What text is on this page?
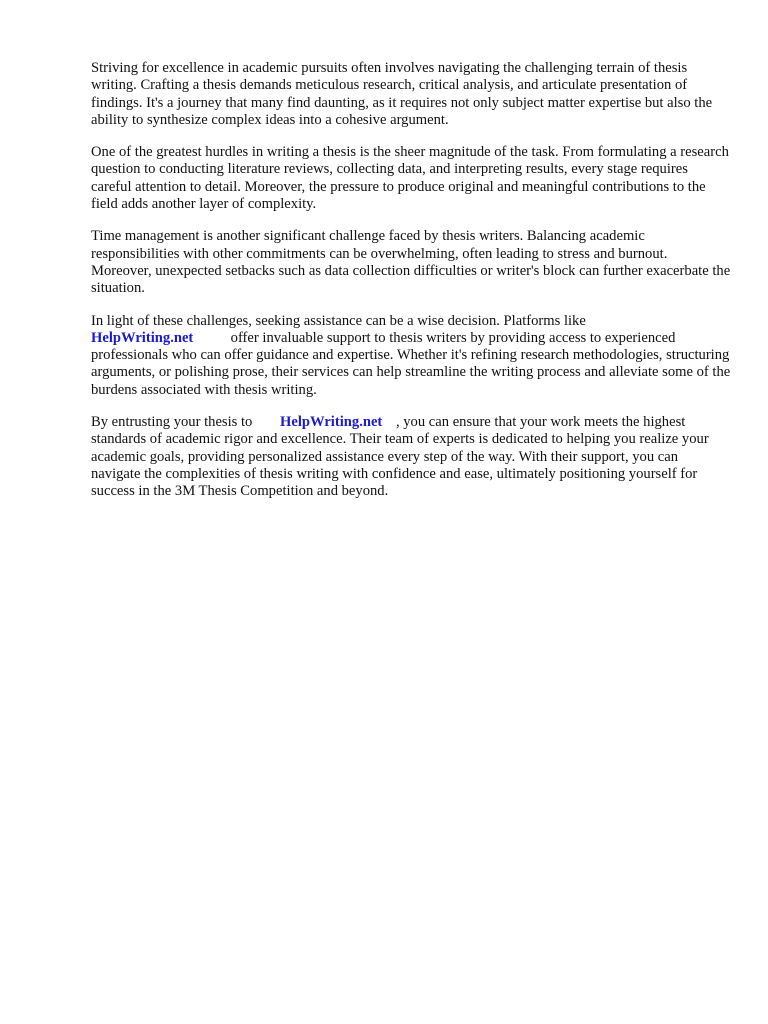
Striving for excellence in academic pursuits often involves navigating the challenging terrain of thesis writing. Crafting a thesis demands meticulous research, critical analysis, and articulate presentation of findings. It's a journey that many find daunting, as it requires not only subject matter expertise but also the ability to synthesize complex ideas into a cohesive argument.

One of the greatest hurdles in writing a thesis is the sheer magnitude of the task. From formulating a research question to conducting literature reviews, collecting data, and interpreting results, every stage requires careful attention to detail. Moreover, the pressure to produce original and meaningful contributions to the field adds another layer of complexity.

Time management is another significant challenge faced by thesis writers. Balancing academic responsibilities with other commitments can be overwhelming, often leading to stress and burnout. Moreover, unexpected setbacks such as data collection difficulties or writer's block can further exacerbate the situation.

In light of these challenges, seeking assistance can be a wise decision. Platforms like
HelpWriting.net	offer invaluable support to thesis writers by providing access to experienced professionals who can offer guidance and expertise. Whether it's refining research methodologies, structuring arguments, or polishing prose, their services can help streamline the writing process and alleviate some of the burdens associated with thesis writing.

By entrusting your thesis to HelpWriting.net , you can ensure that your work meets the highest standards of academic rigor and excellence. Their team of experts is dedicated to helping you realize your academic goals, providing personalized assistance every step of the way. With their support, you can navigate the complexities of thesis writing with confidence and ease, ultimately positioning yourself for success in the 3M Thesis Competition and beyond.
